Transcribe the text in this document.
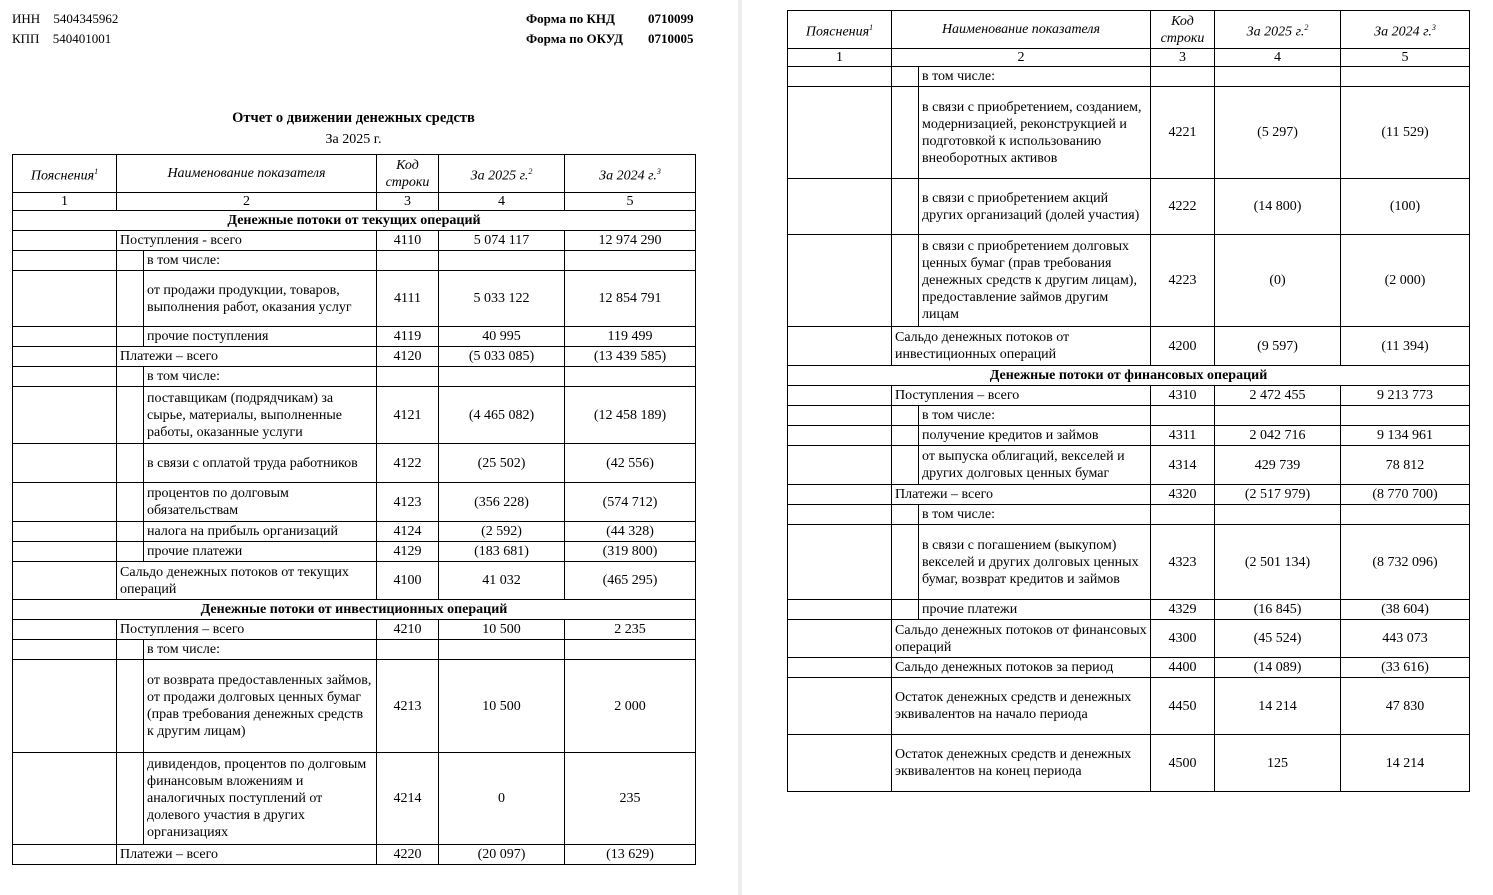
ИНН 5404345962
КПП 540401001
Форма по КНД	0710099
Форма по ОКУД 0710005
Отчет о движении денежных средств
За 2025 г.
Пояснения$^1$	Наименование показателя	Код строки	За 2025 г.$^2$	За 2024 г.$^3$
1	2	3	4	5
Денежные потоки от текущих операций				
	Поступления - всего	4110	5 074 117	12 974 290

в том числе:			

от продажи продукции, товаров, выполнения работ, оказания услуг	4111	5 033 122	12 854 791

прочие поступления	4119	40 995	119 499
	Платежи – всего	4120	(5 033 085)	(13 439 585)

в том числе:			

поставщикам (подрядчикам) за сырье, материалы, выполненные работы, оказанные услуги	4121	(4 465 082)	(12 458 189)

в связи с оплатой труда работников	4122	(25 502)	(42 556)

процентов по долговым обязательствам	4123	(356 228)	(574 712)

налога на прибыль организаций	4124	(2 592)	(44 328)

прочие платежи	4129	(183 681)	(319 800)
	Сальдо денежных потоков от текущих операций	4100	41 032	(465 295)
Денежные потоки от инвестиционных операций				
	Поступления – всего	4210	10 500	2 235

в том числе:			

от возврата предоставленных займов, от продажи долговых ценных бумаг (прав требования денежных средств к другим лицам)	4213	10 500	2 000

дивидендов, процентов по долговым финансовым вложениям и аналогичных поступлений от долевого участия в других организациях	4214	0	235
	Платежи – всего	4220	(20 097)	(13 629)
Пояснения$^1$	Наименование показателя	Код строки	За 2025 г.$^2$	За 2024 г.$^3$
1	2	3	4	5

в том числе:			

в связи с приобретением, созданием, модернизацией, реконструкцией и подготовкой к использованию внеоборотных активов	4221	(5 297)	(11 529)

в связи с приобретением акций других организаций (долей участия)	4222	(14 800)	(100)

в связи с приобретением долговых ценных бумаг (прав требования денежных средств к другим лицам), предоставление займов другим лицам	4223	(0)	(2 000)
	Сальдо денежных потоков от инвестиционных операций	4200	(9 597)	(11 394)
Денежные потоки от финансовых операций				
	Поступления – всего	4310	2 472 455	9 213 773

в том числе:			

получение кредитов и займов	4311	2 042 716	9 134 961

от выпуска облигаций, векселей и других долговых ценных бумаг	4314	429 739	78 812
	Платежи – всего	4320	(2 517 979)	(8 770 700)

в том числе:			

в связи с погашением (выкупом) векселей и других долговых ценных бумаг, возврат кредитов и займов	4323	(2 501 134)	(8 732 096)

прочие платежи	4329	(16 845)	(38 604)
	Сальдо денежных потоков от финансовых операций	4300	(45 524)	443 073
	Сальдо денежных потоков за период	4400	(14 089)	(33 616)
	Остаток денежных средств и денежных эквивалентов на начало периода	4450	14 214	47 830
	Остаток денежных средств и денежных эквивалентов на конец периода	4500	125	14 214
